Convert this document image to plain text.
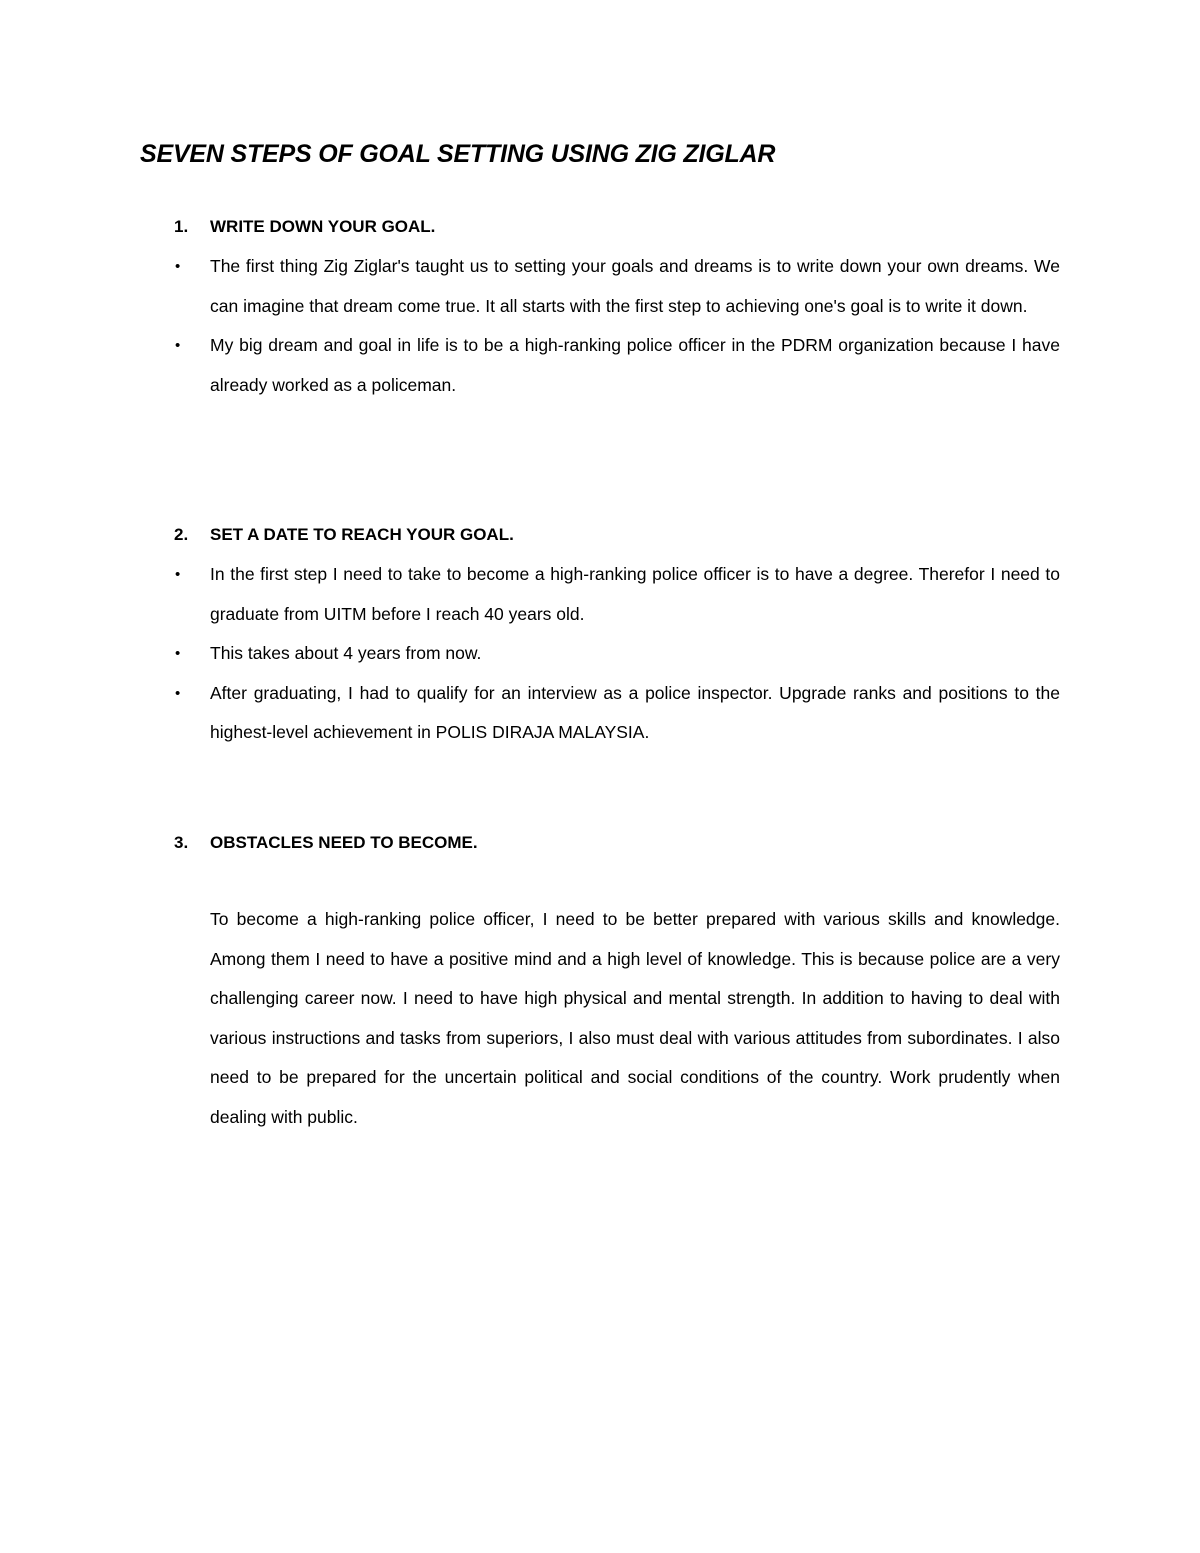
SEVEN STEPS OF GOAL SETTING USING ZIG ZIGLAR
1. WRITE DOWN YOUR GOAL.
• The first thing Zig Ziglar's taught us to setting your goals and dreams is to write down your own dreams. We can imagine that dream come true. It all starts with the first step to achieving one's goal is to write it down.
• My big dream and goal in life is to be a high-ranking police officer in the PDRM organization because I have already worked as a policeman.
2. SET A DATE TO REACH YOUR GOAL.
• In the first step I need to take to become a high-ranking police officer is to have a degree. Therefor I need to graduate from UITM before I reach 40 years old.
• This takes about 4 years from now.
• After graduating, I had to qualify for an interview as a police inspector. Upgrade ranks and positions to the highest-level achievement in POLIS DIRAJA MALAYSIA.
3. OBSTACLES NEED TO BECOME.
To become a high-ranking police officer, I need to be better prepared with various skills and knowledge. Among them I need to have a positive mind and a high level of knowledge. This is because police are a very challenging career now. I need to have high physical and mental strength. In addition to having to deal with various instructions and tasks from superiors, I also must deal with various attitudes from subordinates. I also need to be prepared for the uncertain political and social conditions of the country. Work prudently when dealing with public.
